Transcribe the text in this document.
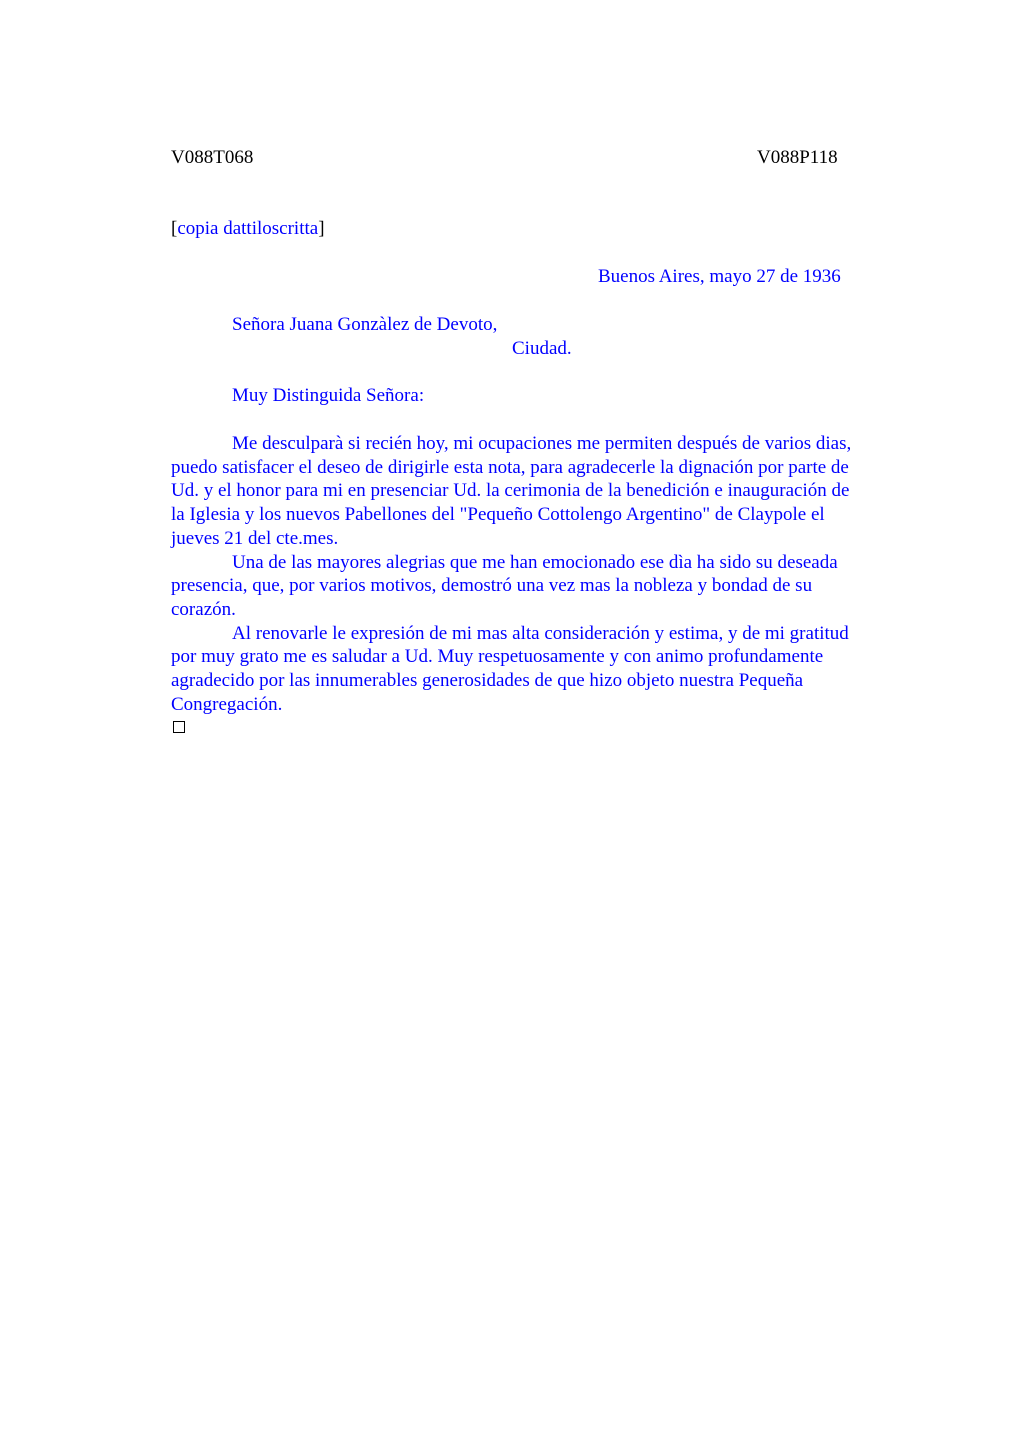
V088T068	V088P118
[copia dattiloscritta]
Buenos Aires, mayo 27 de 1936
Señora Juana Gonzàlez de Devoto,
Ciudad.
Muy Distinguida Señora:
Me desculparà si recién hoy, mi ocupaciones me permiten después de varios dias,
puedo satisfacer el deseo de dirigirle esta nota, para agradecerle la dignación por parte de
Ud. y el honor para mi en presenciar Ud. la cerimonia de la benedición e inauguración de
la Iglesia y los nuevos Pabellones del "Pequeño Cottolengo Argentino" de Claypole el
jueves 21 del cte.mes.
Una de las mayores alegrias que me han emocionado ese dìa ha sido su deseada
presencia, que, por varios motivos, demostró una vez mas la nobleza y bondad de su
corazón.
Al renovarle le expresión de mi mas alta consideración y estima, y de mi gratitud
por muy grato me es saludar a Ud. Muy respetuosamente y con animo profundamente
agradecido por las innumerables generosidades de que hizo objeto nuestra Pequeña
Congregación.
